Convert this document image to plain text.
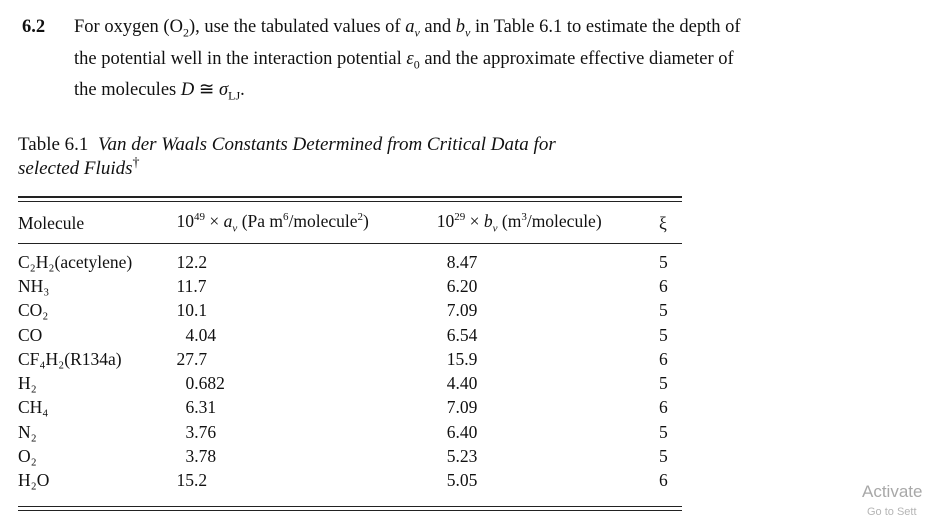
6.2 For oxygen $(O_2)$, use the tabulated values of $a_v$ and $b_v$ in Table 6.1 to estimate the depth of
the potential well in the interaction potential $\varepsilon_0$ and the approximate effective diameter of
the molecules D ≅ $\sigma_{LJ}$.
Table 6.1 Van der Waals Constants Determined from Critical Data for
selected Fluids†
Molecule	$10^{49} \times a_v$ (Pa $m^6/molecule^2$)	$10^{29} \times b_v$ $(m^3/molecule)$	ξ

C₂H₂(acetylene)	12.2	8.47	5
NH₃	11.7	6.20	6
CO₂	10.1	7.09	5
CO	4.04	6.54	5
CF₄H₂(R134a)	27.7	15.9	6
H₂	0.682	4.40	5
CH₄	6.31	7.09	6
N₂	3.76	6.40	5
O₂	3.78	5.23	5
H₂O	15.2	5.05	6
Activate
Go to Sett
